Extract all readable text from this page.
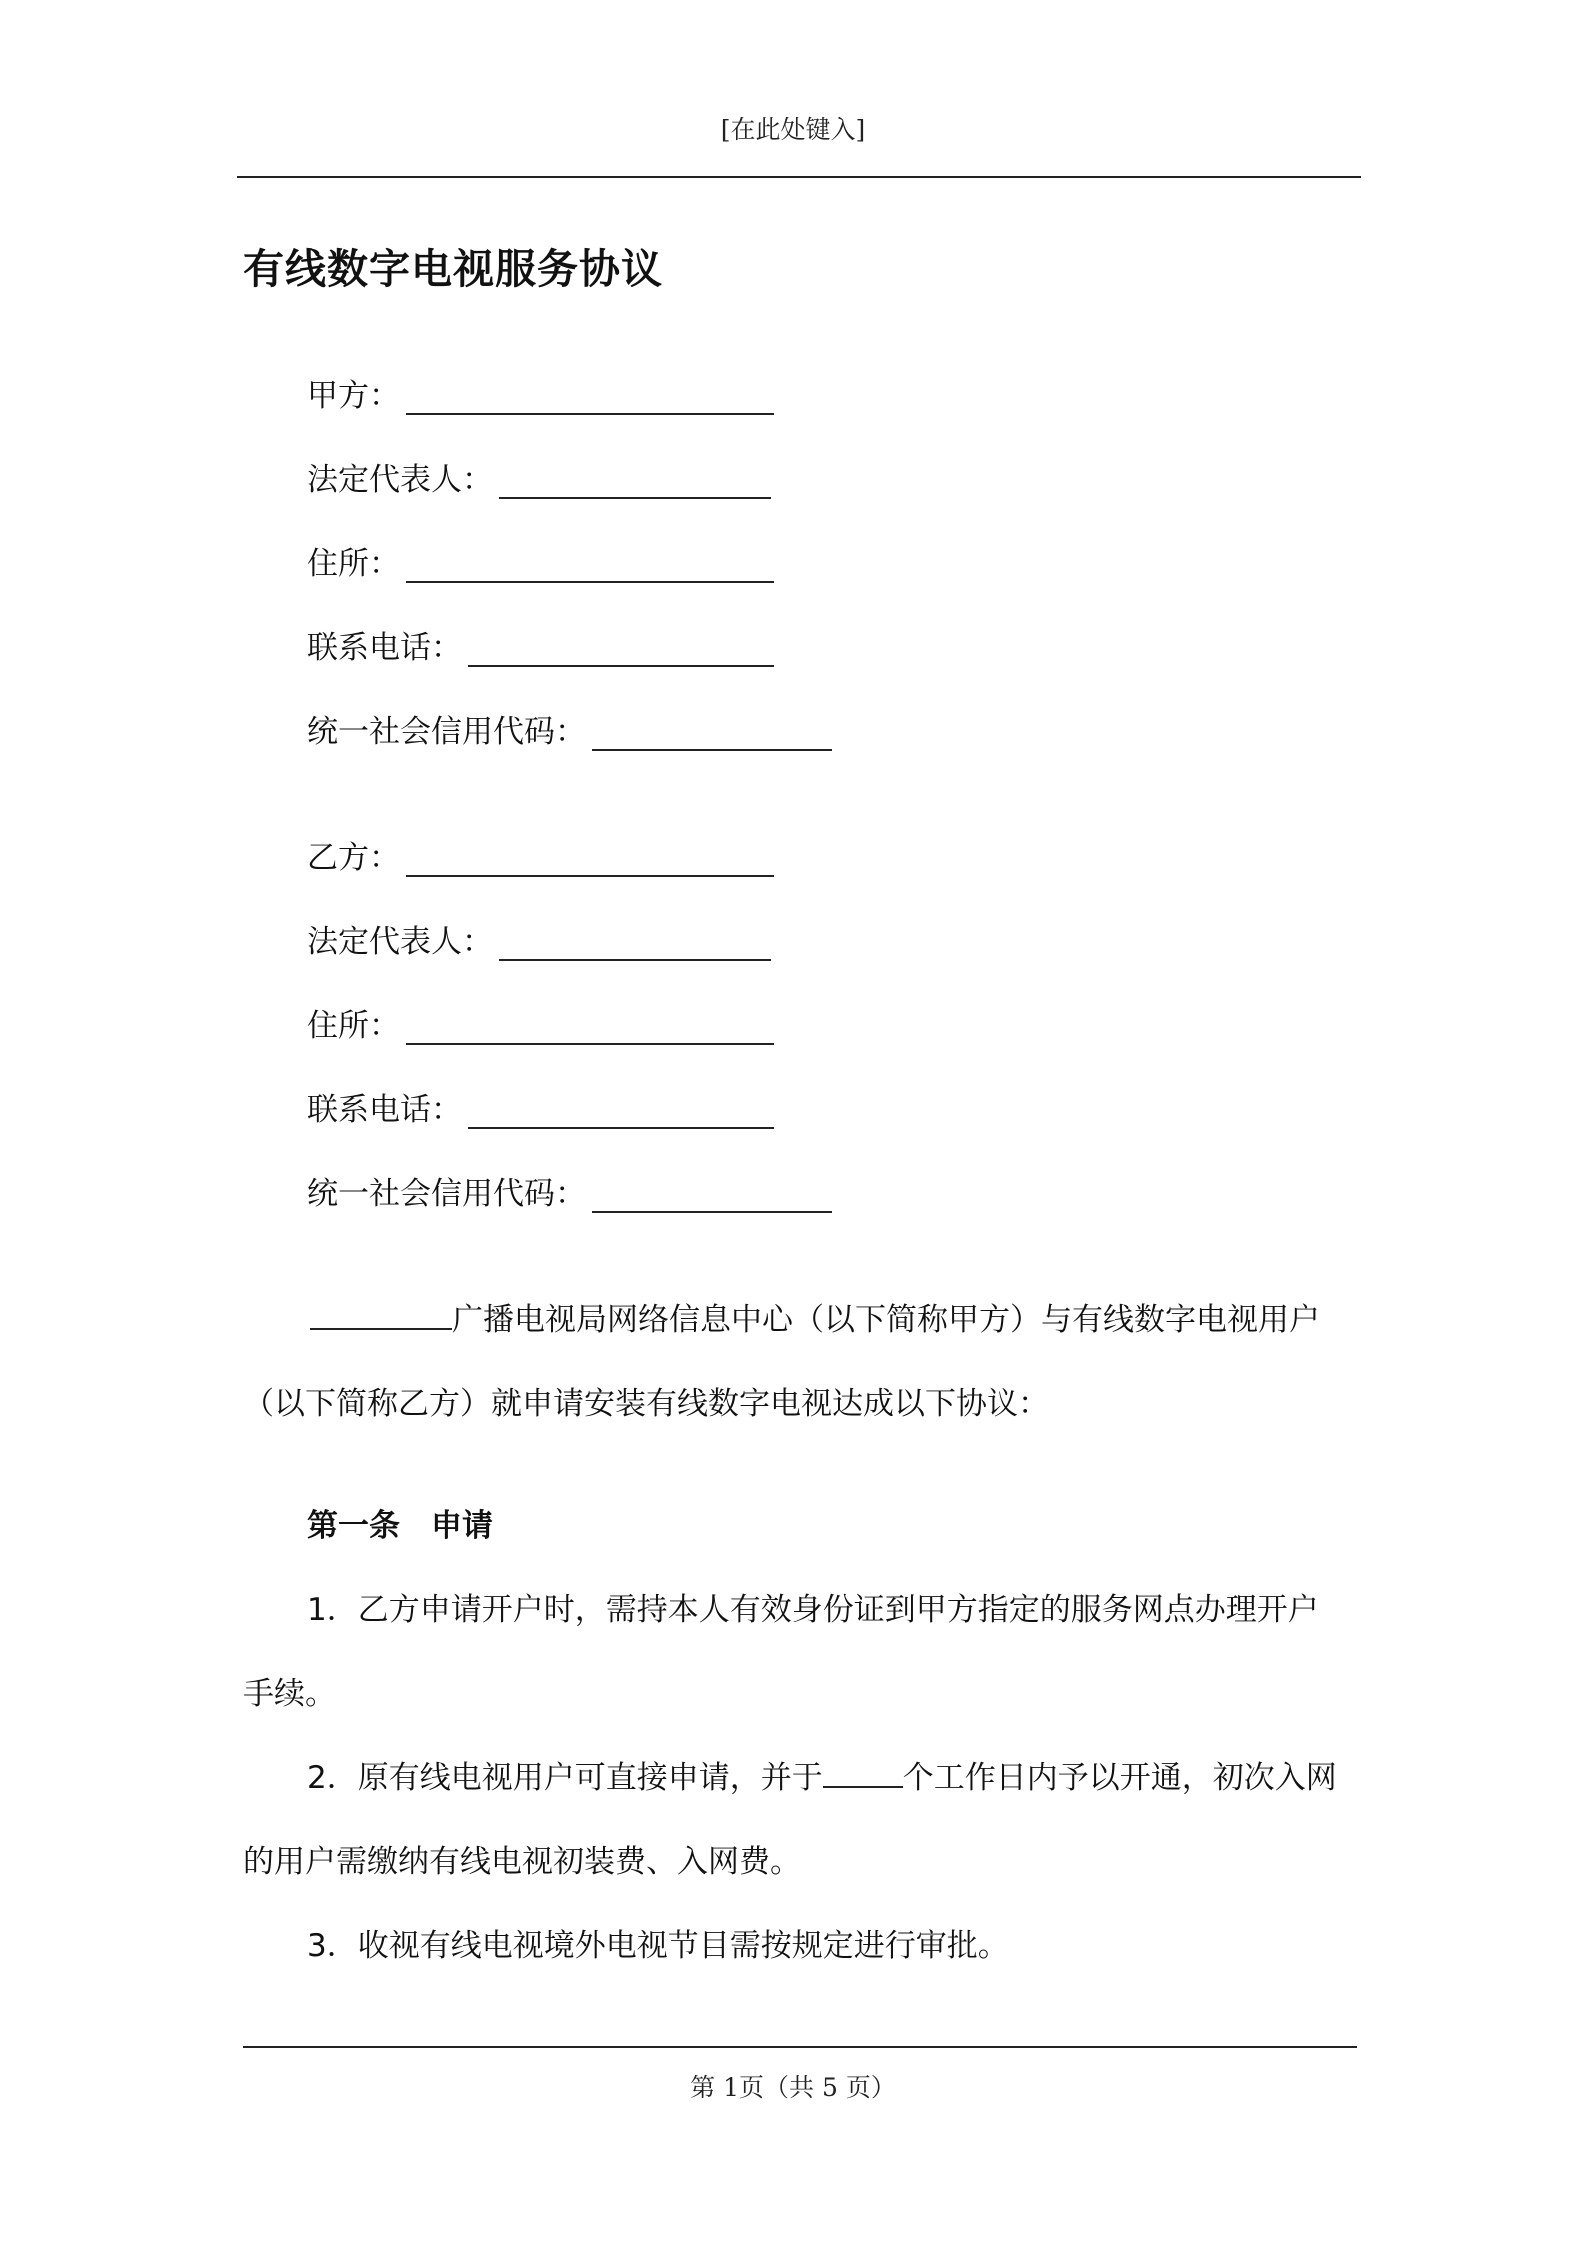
[在此处键入]
有线数字电视服务协议
甲方：
法定代表人：
住所：
联系电话：
统一社会信用代码：
乙方：
法定代表人：
住所：
联系电话：
统一社会信用代码：
广播电视局网络信息中心（以下简称甲方）与有线数字电视用户
（以下简称乙方）就申请安装有线数字电视达成以下协议：
第一条　申请
1．乙方申请开户时，需持本人有效身份证到甲方指定的服务网点办理开户
手续。
2．原有线电视用户可直接申请，并于	个工作日内予以开通，初次入网
的用户需缴纳有线电视初装费、入网费。
3．收视有线电视境外电视节目需按规定进行审批。
第 1页（共 5 页）
